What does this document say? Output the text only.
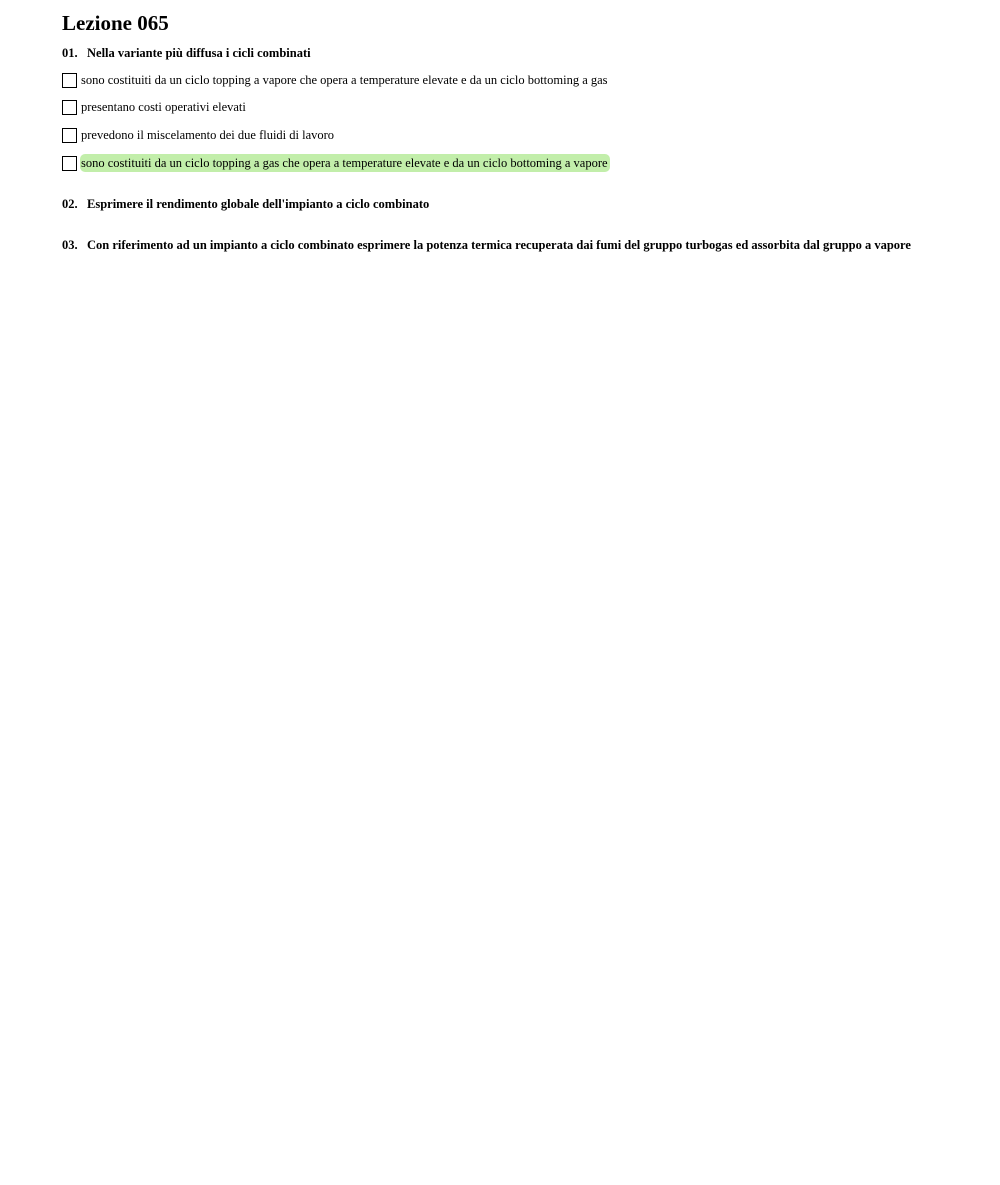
Lezione 065
01. Nella variante più diffusa i cicli combinati
sono costituiti da un ciclo topping a vapore che opera a temperature elevate e da un ciclo bottoming a gas
presentano costi operativi elevati
prevedono il miscelamento dei due fluidi di lavoro
sono costituiti da un ciclo topping a gas che opera a temperature elevate e da un ciclo bottoming a vapore
02. Esprimere il rendimento globale dell'impianto a ciclo combinato
03. Con riferimento ad un impianto a ciclo combinato esprimere la potenza termica recuperata dai fumi del gruppo turbogas ed assorbita dal gruppo a vapore
